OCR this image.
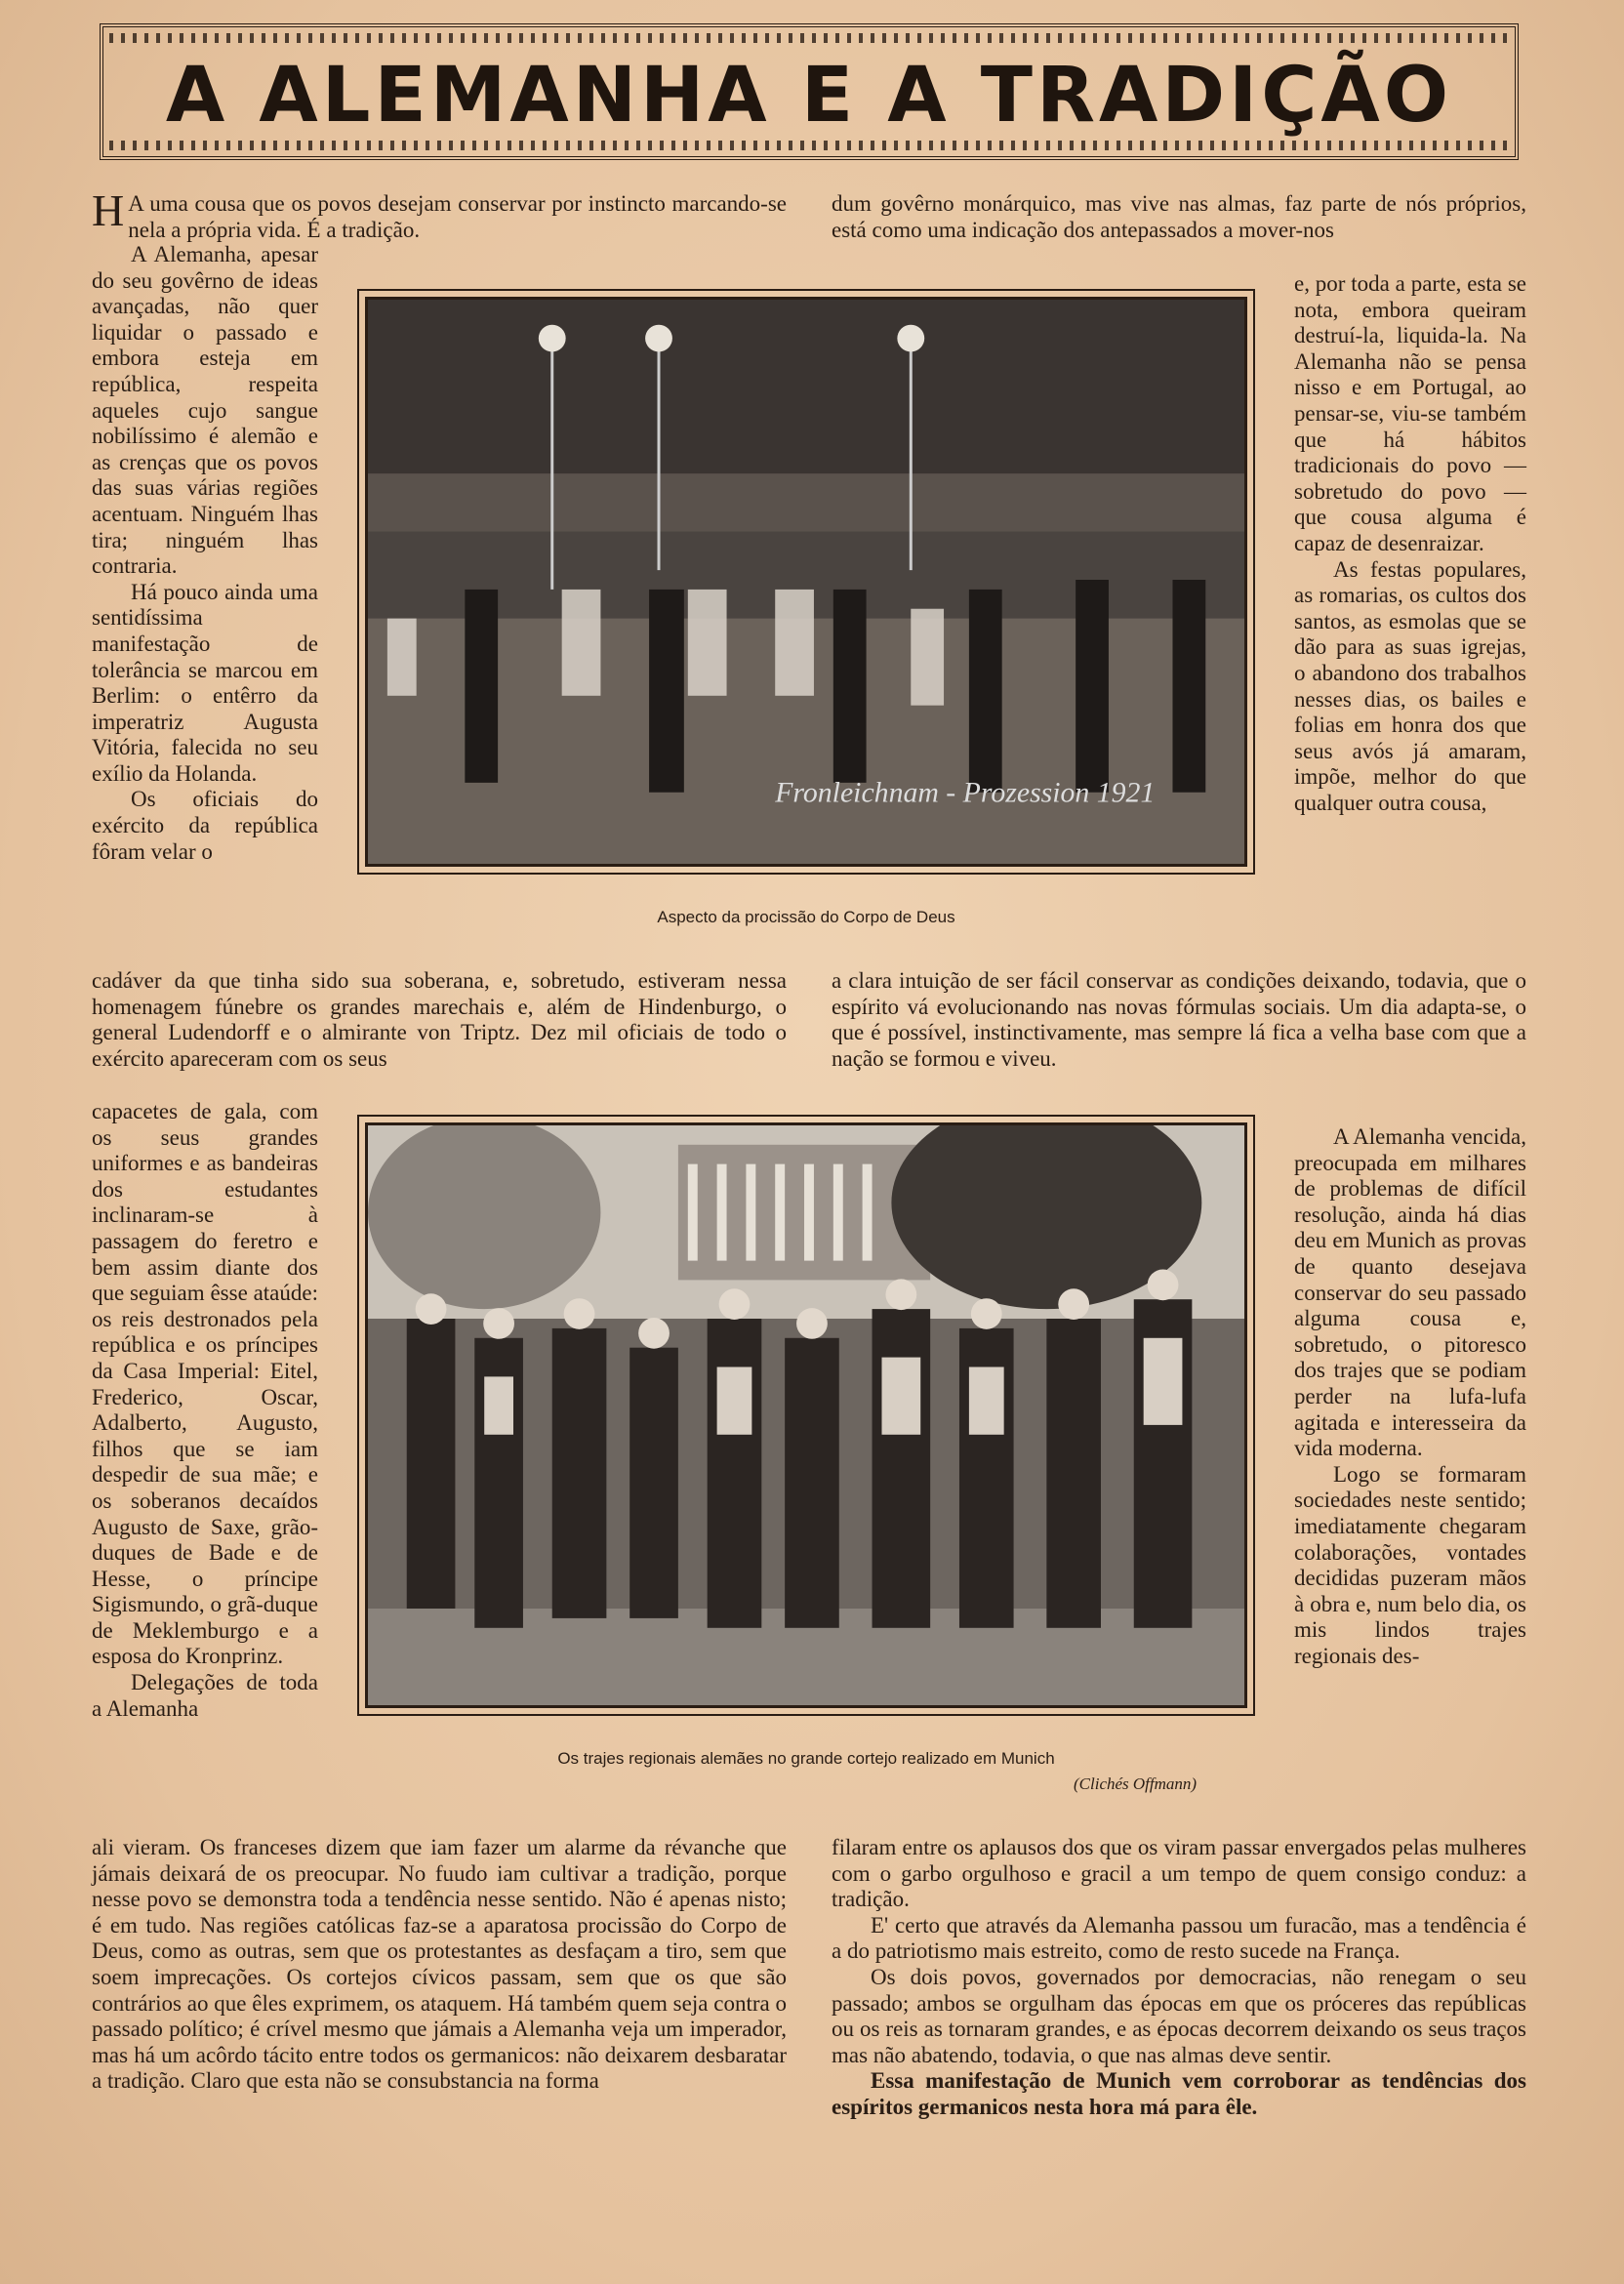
A ALEMANHA E A TRADIÇÃO
H A uma cousa que os povos desejam conservar por instincto marcando-se nela a própria vida. É a tradição.

A Alemanha, apesar do seu govêrno de ideas avançadas, não quer liquidar o passado e embora esteja em república, respeita aqueles cujo sangue nobilíssimo é alemão e as crenças que os povos das suas várias regiões acentuam. Ninguém lhas tira; ninguém lhas contraria.

Há pouco ainda uma sentidíssima manifestação de tolerância se marcou em Berlim: o entêrro da imperatriz Augusta Vitória, falecida no seu exílio da Holanda.

Os oficiais do exército da república fôram velar o

dum govêrno monárquico, mas vive nas almas, faz parte de nós próprios, está como uma indicação dos antepassados a mover-nos

e, por toda a parte, esta se nota, embora queiram destruí-la, liquida-la. Na Alemanha não se pensa nisso e em Portugal, ao pensar-se, viu-se também que há hábitos tradicionais do povo — sobretudo do povo — que cousa alguma é capaz de desenraizar.

As festas populares, as romarias, os cultos dos santos, as esmolas que se dão para as suas igrejas, o abandono dos trabalhos nesses dias, os bailes e folias em honra dos que seus avós já amaram, impõe, melhor do que qualquer outra cousa,

Fronleichnam - Prozession 1921
Aspecto da procissão do Corpo de Deus

cadáver da que tinha sido sua soberana, e, sobretudo, estiveram nessa homenagem fúnebre os grandes marechais e, além de Hindenburgo, o general Ludendorff e o almirante von Triptz. Dez mil oficiais de todo o exército apareceram com os seus

a clara intuição de ser fácil conservar as condições deixando, todavia, que o espírito vá evolucionando nas novas fórmulas sociais. Um dia adapta-se, o que é possível, instinctivamente, mas sempre lá fica a velha base com que a nação se formou e viveu.

capacetes de gala, com os seus grandes uniformes e as bandeiras dos estudantes inclinaram-se à passagem do feretro e bem assim diante dos que seguiam êsse ataúde: os reis destronados pela república e os príncipes da Casa Imperial: Eitel, Frederico, Oscar, Adalberto, Augusto, filhos que se iam despedir de sua mãe; e os soberanos decaídos Augusto de Saxe, grão-duques de Bade e de Hesse, o príncipe Sigismundo, o grã-duque de Meklemburgo e a esposa do Kronprinz.

Delegações de toda a Alemanha

A Alemanha vencida, preocupada em milhares de problemas de difícil resolução, ainda há dias deu em Munich as provas de quanto desejava conservar do seu passado alguma cousa e, sobretudo, o pitoresco dos trajes que se podiam perder na lufa-lufa agitada e interesseira da vida moderna.

Logo se formaram sociedades neste sentido; imediatamente chegaram colaborações, vontades decididas puzeram mãos à obra e, num belo dia, os mis lindos trajes regionais des-

Os trajes regionais alemães no grande cortejo realizado em Munich
(Clichés Offmann)

ali vieram. Os franceses dizem que iam fazer um alarme da révanche que jámais deixará de os preocupar. No fuudo iam cultivar a tradição, porque nesse povo se demonstra toda a tendência nesse sentido. Não é apenas nisto; é em tudo. Nas regiões católicas faz-se a aparatosa procissão do Corpo de Deus, como as outras, sem que os protestantes as desfaçam a tiro, sem que soem imprecações. Os cortejos cívicos passam, sem que os que são contrários ao que êles exprimem, os ataquem. Há também quem seja contra o passado político; é crível mesmo que jámais a Alemanha veja um imperador, mas há um acôrdo tácito entre todos os germanicos: não deixarem desbaratar a tradição. Claro que esta não se consubstancia na forma

filaram entre os aplausos dos que os viram passar envergados pelas mulheres com o garbo orgulhoso e gracil a um tempo de quem consigo conduz: a tradição.

E' certo que através da Alemanha passou um furacão, mas a tendência é a do patriotismo mais estreito, como de resto sucede na França.

Os dois povos, governados por democracias, não renegam o seu passado; ambos se orgulham das épocas em que os próceres das repúblicas ou os reis as tornaram grandes, e as épocas decorrem deixando os seus traços mas não abatendo, todavia, o que nas almas deve sentir.

Essa manifestação de Munich vem corroborar as tendências dos espíritos germanicos nesta hora má para êle.
